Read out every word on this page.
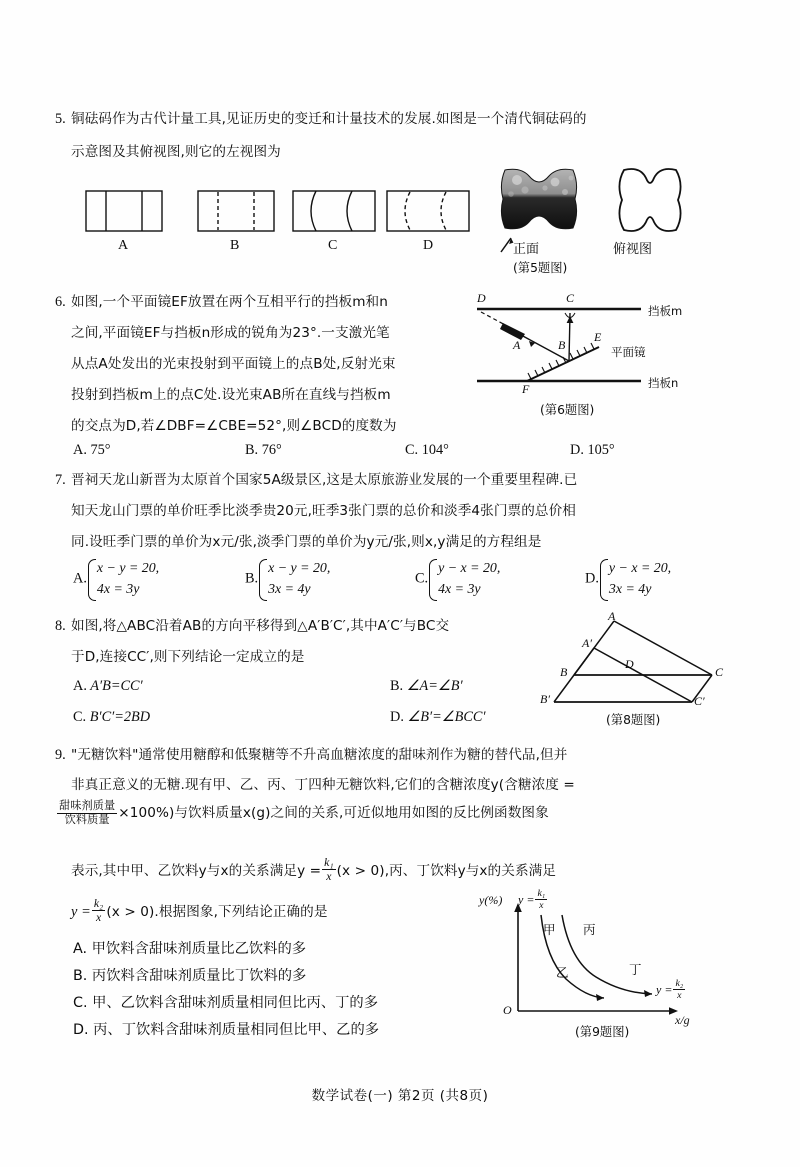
5. 铜砝码作为古代计量工具,见证历史的变迁和计量技术的发展.如图是一个清代铜砝码的
示意图及其俯视图,则它的左视图为
A	B	C	D	正面	俯视图
(第5题图)
6. 如图,一个平面镜EF放置在两个互相平行的挡板m和n
之间,平面镜EF与挡板n形成的锐角为23°.一支激光笔
从点A处发出的光束投射到平面镜上的点B处,反射光束
投射到挡板m上的点C处.设光束AB所在直线与挡板m
的交点为D,若∠DBF=∠CBE=52°,则∠BCD的度数为
A. 75°	B. 76°	C. 104°	D. 105°
D	C
A	B
E
F
挡板m
挡板n
平面镜
(第6题图)
7. 晋祠天龙山新晋为太原首个国家5A级景区,这是太原旅游业发展的一个重要里程碑.已
知天龙山门票的单价旺季比淡季贵20元,旺季3张门票的总价和淡季4张门票的总价相
同.设旺季门票的单价为x元/张,淡季门票的单价为y元/张,则x,y满足的方程组是
A.
x − y = 20,
4x = 3y
B.
x − y = 20,
3x = 4y
C.
y − x = 20,
4x = 3y
D.
y − x = 20,
3x = 4y
8. 如图,将△ABC沿着AB的方向平移得到△A′B′C′,其中A′C′与BC交
于D,连接CC′,则下列结论一定成立的是
A. A′B=CC′	B. ∠A=∠B′
C. B′C′=2BD	D. ∠B′=∠BCC′
A
A′
B
D
C
B′	C′
(第8题图)
9. "无糖饮料"通常使用糖醇和低聚糖等不升高血糖浓度的甜味剂作为糖的替代品,但并
非真正意义的无糖.现有甲、乙、丙、丁四种无糖饮料,它们的含糖浓度y(含糖浓度 =
$\frac{\text{甜味剂质量}}{\text{饮料质量}} \times 100\%$)与饮料质量x(g)之间的关系,可近似地用如图的反比例函数图象
表示,其中甲、乙饮料y与x的关系满足$y = \frac{\text{k₁}}{x} (x > 0)$,丙、丁饮料y与x的关系满足
$y = \frac{\text{k₂}}{x} (x > 0)$.根据图象,下列结论正确的是
A. 甲饮料含甜味剂质量比乙饮料的多
B. 丙饮料含甜味剂质量比丁饮料的多
C. 甲、乙饮料含甜味剂质量相同但比丙、丁的多
D. 丙、丁饮料含甜味剂质量相同但比甲、乙的多
y(%)
x/g
O
$y = \frac{\text{k₁}}{x}$
$y = \frac{\text{k₂}}{x}$
甲 丙
乙	丁
(第9题图)
数学试卷(一) 第2页 (共8页)
